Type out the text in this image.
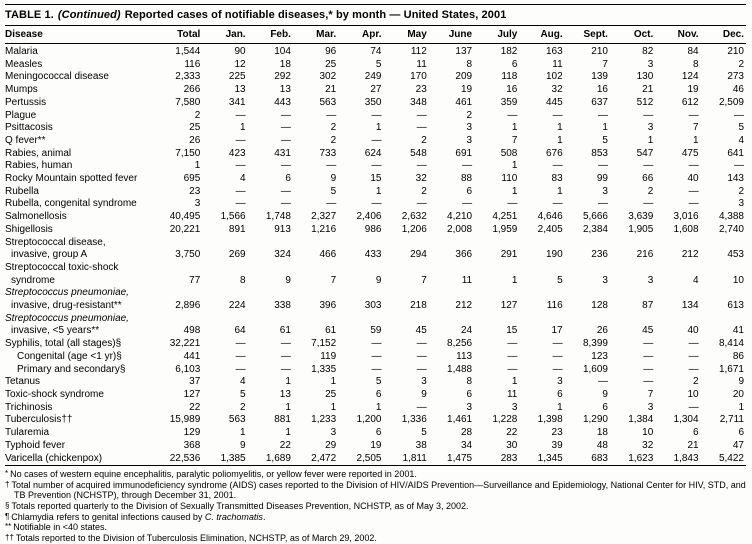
TABLE 1. (Continued) Reported cases of notifiable diseases,* by month — United States, 2001
Disease	Total	Jan.	Feb.	Mar.	Apr.	May	June	July	Aug.	Sept.	Oct.	Nov.	Dec.
Malaria	1,544	90	104	96	74	112	137	182	163	210	82	84	210
Measles	116	12	18	25	5	11	8	6	11	7	3	8	2
Meningococcal disease	2,333	225	292	302	249	170	209	118	102	139	130	124	273
Mumps	266	13	13	21	27	23	19	16	32	16	21	19	46
Pertussis	7,580	341	443	563	350	348	461	359	445	637	512	612	2,509
Plague	2	—	—	—	—	—	2	—	—	—	—	—	—
Psittacosis	25	1	—	2	1	—	3	1	1	1	3	7	5
Q fever**	26	—	—	2	—	2	3	7	1	5	1	1	4
Rabies, animal	7,150	423	431	733	624	548	691	508	676	853	547	475	641
Rabies, human	1	—	—	—	—	—	—	1	—	—	—	—	—
Rocky Mountain spotted fever	695	4	6	9	15	32	88	110	83	99	66	40	143
Rubella	23	—	—	5	1	2	6	1	1	3	2	—	2
Rubella, congenital syndrome	3	—	—	—	—	—	—	—	—	—	—	—	3
Salmonellosis	40,495	1,566	1,748	2,327	2,406	2,632	4,210	4,251	4,646	5,666	3,639	3,016	4,388
Shigellosis	20,221	891	913	1,216	986	1,206	2,008	1,959	2,405	2,384	1,905	1,608	2,740
Streptococcal disease,													
invasive, group A	3,750	269	324	466	433	294	366	291	190	236	216	212	453
Streptococcal toxic-shock													
syndrome	77	8	9	7	9	7	11	1	5	3	3	4	10
Streptococcus pneumoniae,													
invasive, drug-resistant**	2,896	224	338	396	303	218	212	127	116	128	87	134	613
Streptococcus pneumoniae,													
invasive, <5 years**	498	64	61	61	59	45	24	15	17	26	45	40	41
Syphilis, total (all stages)§	32,221	—	—	7,152	—	—	8,256	—	—	8,399	—	—	8,414
Congenital (age <1 yr)§	441	—	—	119	—	—	113	—	—	123	—	—	86
Primary and secondary§	6,103	—	—	1,335	—	—	1,488	—	—	1,609	—	—	1,671
Tetanus	37	4	1	1	5	3	8	1	3	—	—	2	9
Toxic-shock syndrome	127	5	13	25	6	9	6	11	6	9	7	10	20
Trichinosis	22	2	1	1	1	—	3	3	1	6	3	—	1
Tuberculosis††	15,989	563	881	1,233	1,200	1,336	1,461	1,228	1,398	1,290	1,384	1,304	2,711
Tularemia	129	1	1	3	6	5	28	22	23	18	10	6	6
Typhoid fever	368	9	22	29	19	38	34	30	39	48	32	21	47
Varicella (chickenpox)	22,536	1,385	1,689	2,472	2,505	1,811	1,475	283	1,345	683	1,623	1,843	5,422
* No cases of western equine encephalitis, paralytic poliomyelitis, or yellow fever were reported in 2001.
† Total number of acquired immunodeficiency syndrome (AIDS) cases reported to the Division of HIV/AIDS Prevention—Surveillance and Epidemiology, National Center for HIV, STD, and TB Prevention (NCHSTP), through December 31, 2001.
§ Totals reported quarterly to the Division of Sexually Transmitted Diseases Prevention, NCHSTP, as of May 3, 2002.
¶ Chlamydia refers to genital infections caused by C. trachomatis.
** Notifiable in <40 states.
†† Totals reported to the Division of Tuberculosis Elimination, NCHSTP, as of March 29, 2002.
